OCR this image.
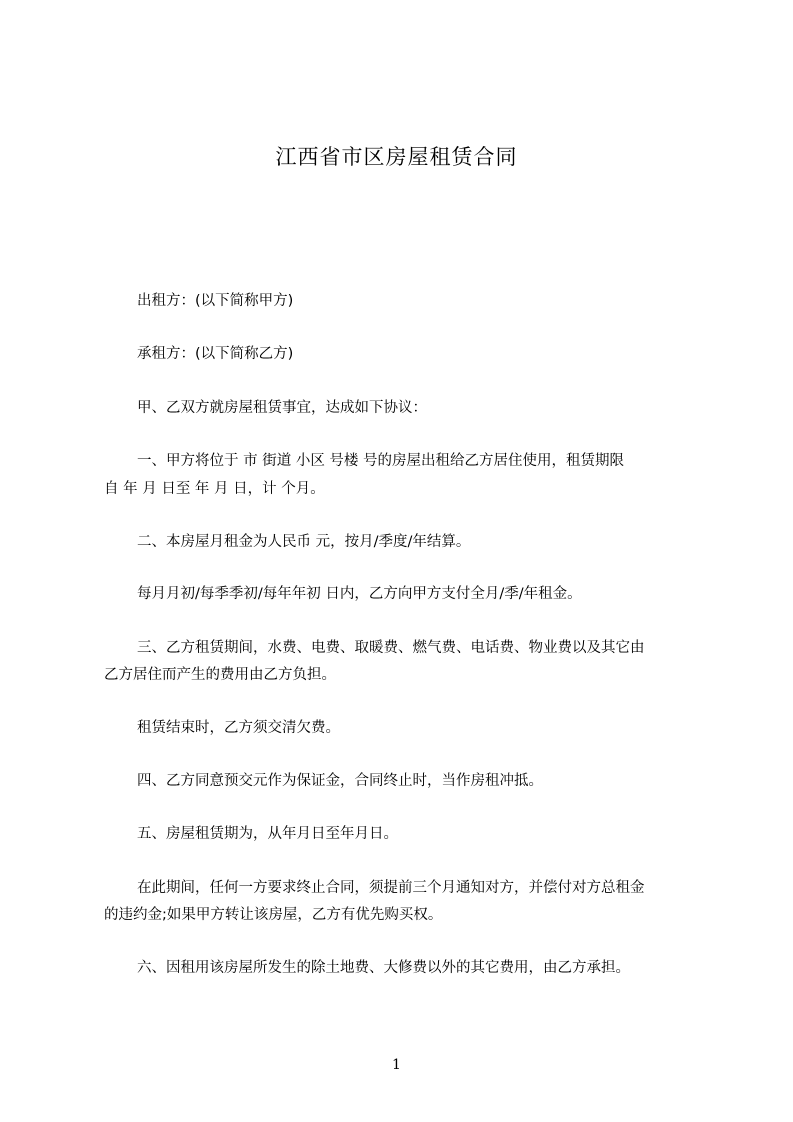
江西省市区房屋租赁合同
出租方：(以下简称甲方)
承租方：(以下简称乙方)
甲、乙双方就房屋租赁事宜，达成如下协议：
一、甲方将位于 市 街道 小区 号楼 号的房屋出租给乙方居住使用，租赁期限
自 年 月 日至 年 月 日，计 个月。
二、本房屋月租金为人民币 元，按月/季度/年结算。
每月月初/每季季初/每年年初 日内，乙方向甲方支付全月/季/年租金。
三、乙方租赁期间，水费、电费、取暖费、燃气费、电话费、物业费以及其它由
乙方居住而产生的费用由乙方负担。
租赁结束时，乙方须交清欠费。
四、乙方同意预交元作为保证金，合同终止时，当作房租冲抵。
五、房屋租赁期为，从年月日至年月日。
在此期间，任何一方要求终止合同，须提前三个月通知对方，并偿付对方总租金
的违约金;如果甲方转让该房屋，乙方有优先购买权。
六、因租用该房屋所发生的除土地费、大修费以外的其它费用，由乙方承担。
1
